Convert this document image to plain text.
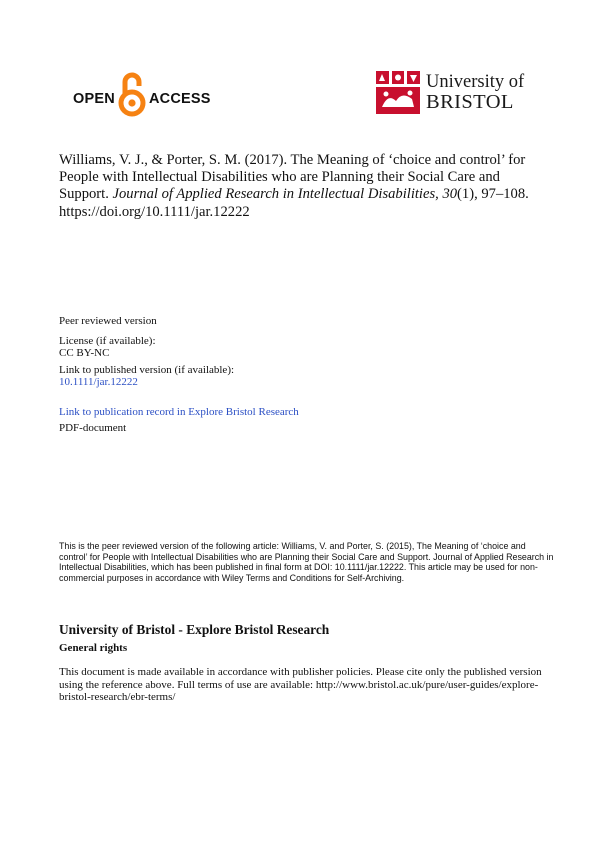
OPEN ACCESS
University of
BRISTOL
Williams, V. J., & Porter, S. M. (2017). The Meaning of ‘choice and control’ for People with Intellectual Disabilities who are Planning their Social Care and Support. Journal of Applied Research in Intellectual Disabilities, 30(1), 97–108. https://doi.org/10.1111/jar.12222
Peer reviewed version
License (if available):
CC BY-NC
Link to published version (if available):
10.1111/jar.12222
Link to publication record in Explore Bristol Research
PDF-document
This is the peer reviewed version of the following article: Williams, V. and Porter, S. (2015), The Meaning of ‘choice and control’ for People with Intellectual Disabilities who are Planning their Social Care and Support. Journal of Applied Research in Intellectual Disabilities, which has been published in final form at DOI: 10.1111/jar.12222. This article may be used for non-commercial purposes in accordance with Wiley Terms and Conditions for Self-Archiving.
University of Bristol - Explore Bristol Research
General rights
This document is made available in accordance with publisher policies. Please cite only the published version using the reference above. Full terms of use are available: http://www.bristol.ac.uk/pure/user-guides/explore-bristol-research/ebr-terms/
